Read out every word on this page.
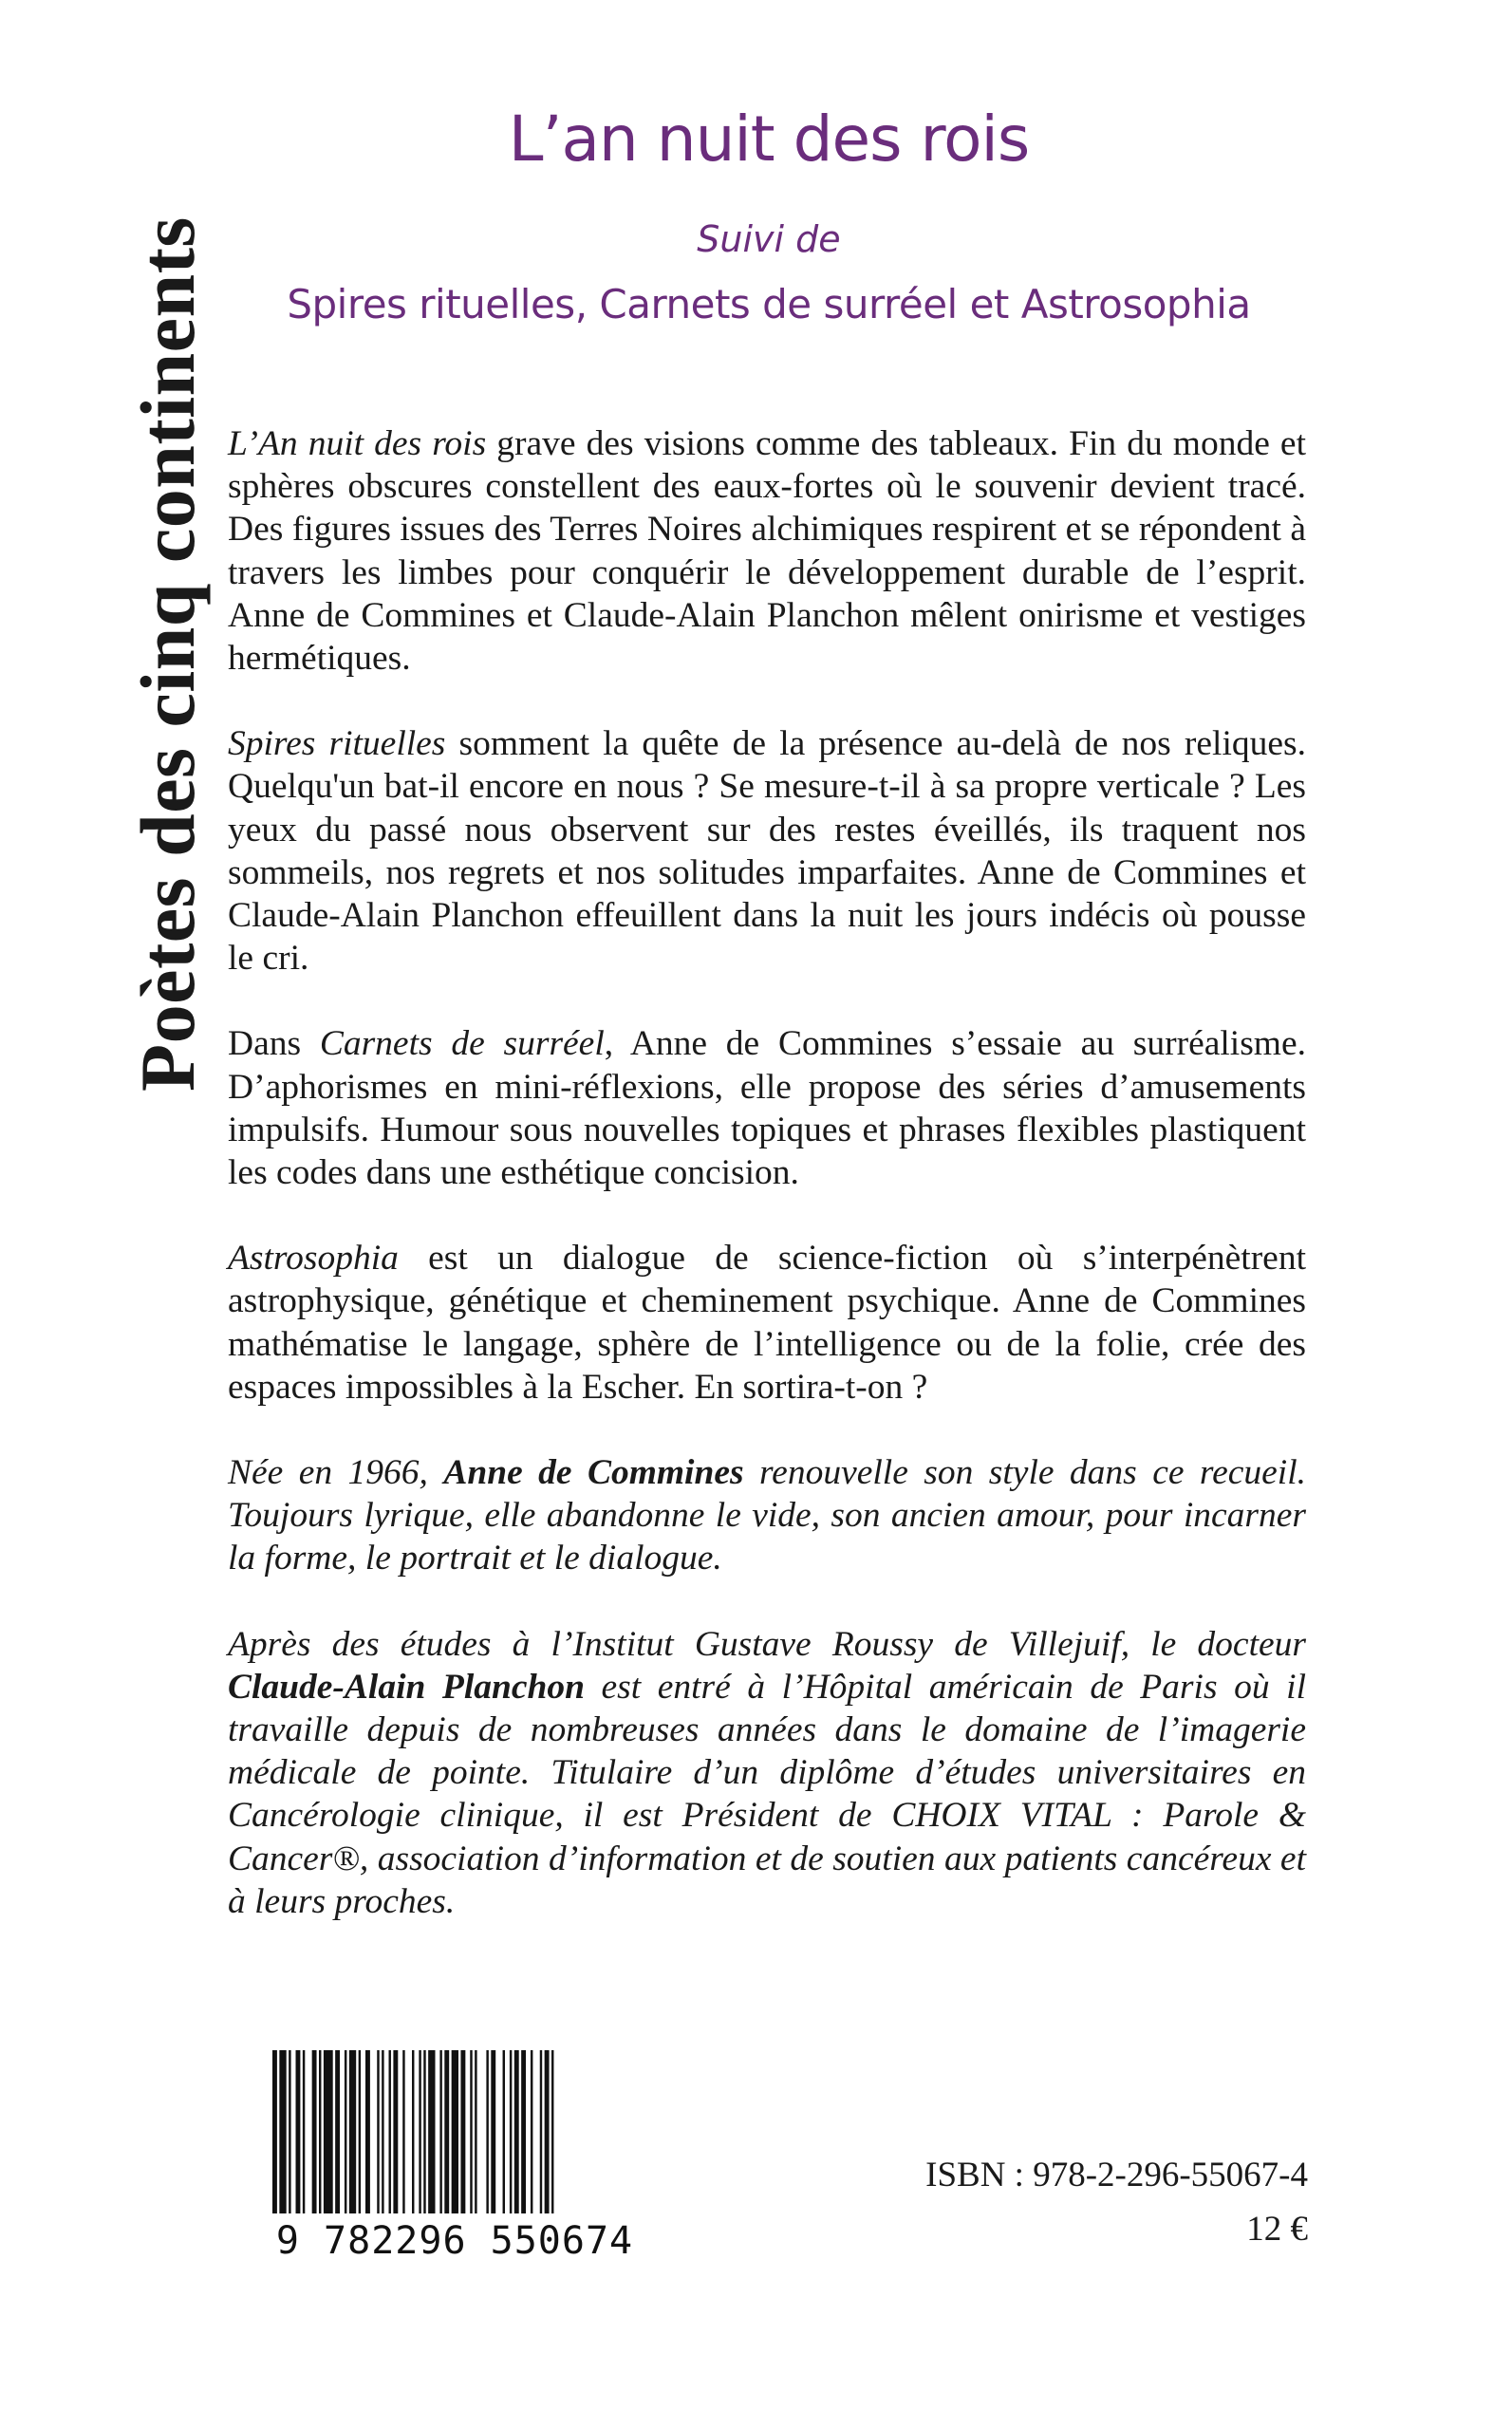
Poètes des cinq continents
L’an nuit des rois
Suivi de
Spires rituelles, Carnets de surréel et Astrosophia

L’An nuit des rois grave des visions comme des tableaux. Fin du monde et sphères obscures constellent des eaux-fortes où le souvenir devient tracé. Des figures issues des Terres Noires alchimiques respirent et se répondent à travers les limbes pour conquérir le développement durable de l’esprit. Anne de Commines et Claude-Alain Planchon mêlent onirisme et vestiges hermétiques.

Spires rituelles somment la quête de la présence au-delà de nos reliques. Quelqu'un bat-il encore en nous ? Se mesure-t-il à sa propre verticale ? Les yeux du passé nous observent sur des restes éveillés, ils traquent nos sommeils, nos regrets et nos solitudes imparfaites. Anne de Commines et Claude-Alain Planchon effeuillent dans la nuit les jours indécis où pousse le cri.

Dans Carnets de surréel, Anne de Commines s’essaie au surréalisme. D’aphorismes en mini-réflexions, elle propose des séries d’amusements impulsifs. Humour sous nouvelles topiques et phrases flexibles plastiquent les codes dans une esthétique concision.

Astrosophia est un dialogue de science-fiction où s’interpénètrent astrophysique, génétique et cheminement psychique. Anne de Commines mathématise le langage, sphère de l’intelligence ou de la folie, crée des espaces impossibles à la Escher. En sortira-t-on ?

Née en 1966, Anne de Commines renouvelle son style dans ce recueil. Toujours lyrique, elle abandonne le vide, son ancien amour, pour incarner la forme, le portrait et le dialogue.

Après des études à l’Institut Gustave Roussy de Villejuif, le docteur Claude-Alain Planchon est entré à l’Hôpital américain de Paris où il travaille depuis de nombreuses années dans le domaine de l’imagerie médicale de pointe. Titulaire d’un diplôme d’études universitaires en Cancérologie clinique, il est Président de CHOIX VITAL : Parole & Cancer®, association d’information et de soutien aux patients cancéreux et à leurs proches.

9 782296 550674
ISBN : 978-2-296-55067-4
12 €
